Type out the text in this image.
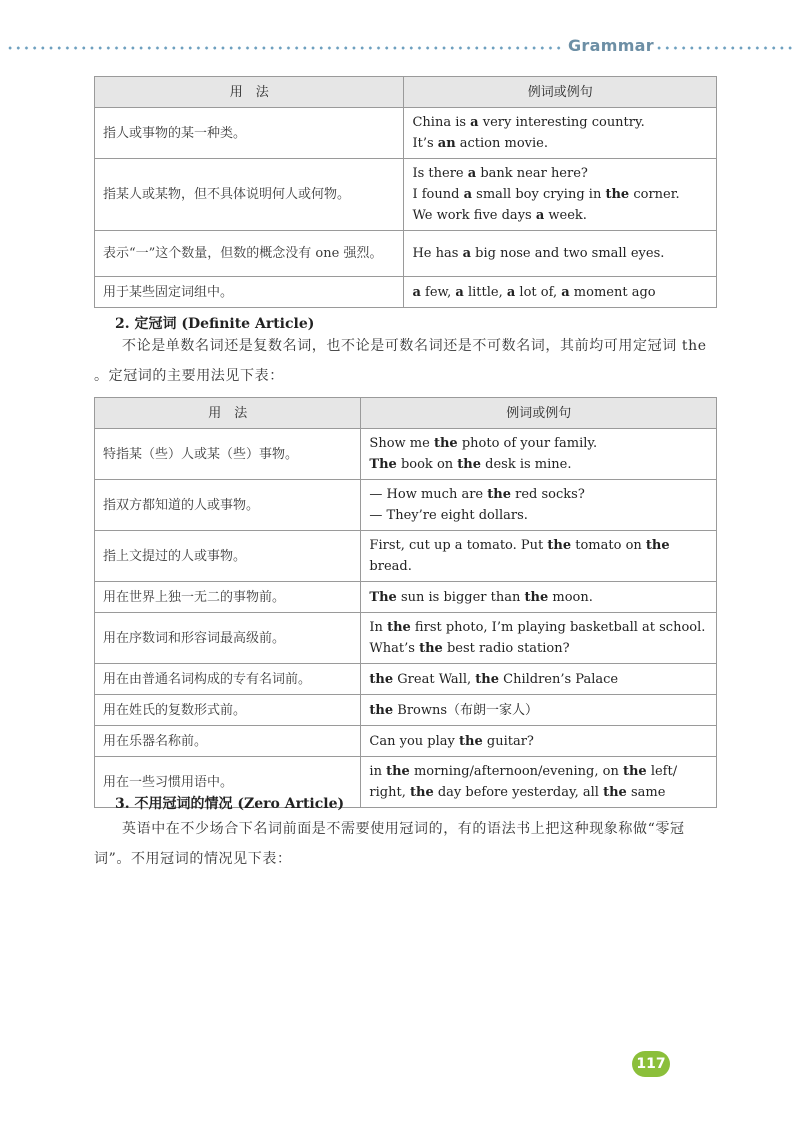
Grammar
用　法	例词或例句
指人或事物的某一种类。	China is a very interesting country.
It’s an action movie.

指某人或某物，但不具体说明何人或何物。	Is there a bank near here?
I found a small boy crying in the corner.
We work five days a week.

表示“一”这个数量，但数的概念没有 one 强烈。	He has a big nose and two small eyes.

用于某些固定词组中。	a few, a little, a lot of, a moment ago
2. 定冠词 (Definite Article)
不论是单数名词还是复数名词，也不论是可数名词还是不可数名词，其前均可用定冠词 the 。定冠词的主要用法见下表：
用　法	例词或例句
特指某（些）人或某（些）事物。	Show me the photo of your family.
The book on the desk is mine.

指双方都知道的人或事物。	— How much are the red socks?
— They’re eight dollars.

指上文提过的人或事物。	First, cut up a tomato. Put the tomato on the bread.

用在世界上独一无二的事物前。	The sun is bigger than the moon.

用在序数词和形容词最高级前。	In the first photo, I’m playing basketball at school.
What’s the best radio station?

用在由普通名词构成的专有名词前。	the Great Wall, the Children’s Palace

用在姓氏的复数形式前。	the Browns（布朗一家人）

用在乐器名称前。	Can you play the guitar?

用在一些习惯用语中。	in the morning/afternoon/evening, on the left/
right, the day before yesterday, all the same
3. 不用冠词的情况 (Zero Article)
英语中在不少场合下名词前面是不需要使用冠词的，有的语法书上把这种现象称做“零冠词”。不用冠词的情况见下表：
117
